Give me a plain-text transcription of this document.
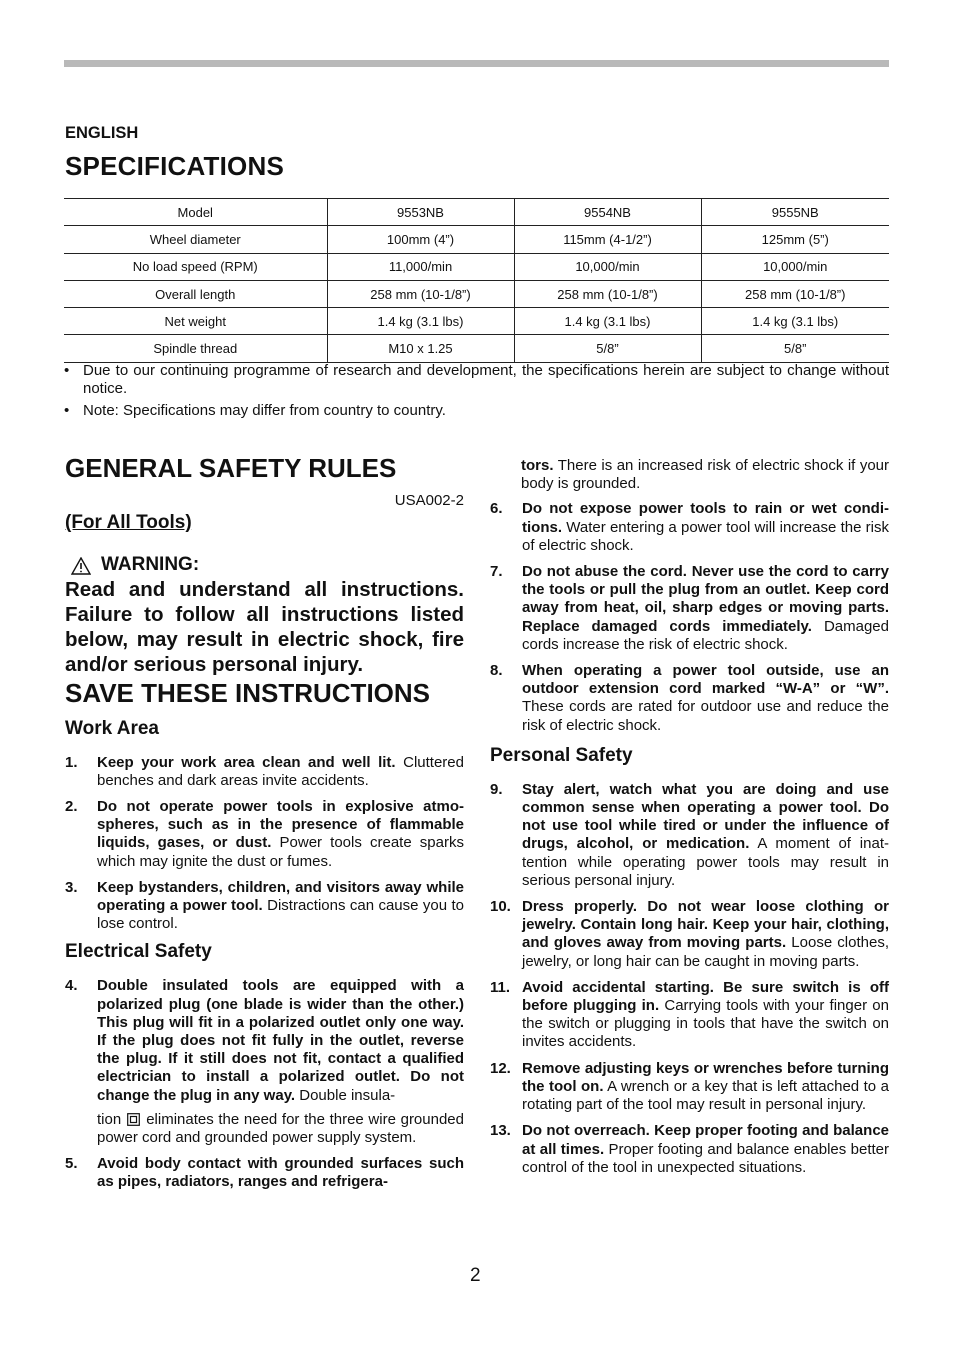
ENGLISH
SPECIFICATIONS
Model	9553NB	9554NB	9555NB
Wheel diameter	100mm (4”)	115mm (4-1/2”)	125mm (5”)
No load speed (RPM)	11,000/min	10,000/min	10,000/min
Overall length	258 mm (10-1/8”)	258 mm (10-1/8”)	258 mm (10-1/8”)
Net weight	1.4 kg (3.1 lbs)	1.4 kg (3.1 lbs)	1.4 kg (3.1 lbs)
Spindle thread	M10 x 1.25	5/8”	5/8”
• Due to our continuing programme of research and development, the specifications herein are subject to change without notice.
• Note: Specifications may differ from country to country.
GENERAL SAFETY RULES
USA002-2
(For All Tools)
WARNING:
Read and understand all instructions. Failure to follow all instructions listed below, may result in electric shock, fire and/or serious personal injury.
SAVE THESE INSTRUCTIONS
Work Area
1. Keep your work area clean and well lit. Cluttered benches and dark areas invite accidents.
2. Do not operate power tools in explosive atmospheres, such as in the presence of flammable liquids, gases, or dust. Power tools create sparks which may ignite the dust or fumes.
3. Keep bystanders, children, and visitors away while operating a power tool. Distractions can cause you to lose control.
Electrical Safety
4. Double insulated tools are equipped with a polarized plug (one blade is wider than the other.) This plug will fit in a polarized outlet only one way. If the plug does not fit fully in the outlet, reverse the plug. If it still does not fit, contact a qualified electrician to install a polarized outlet. Do not change the plug in any way. Double insula-

tion eliminates the need for the three wire grounded power cord and grounded power supply system.

5. Avoid body contact with grounded surfaces such as pipes, radiators, ranges and refrigera-
tors. There is an increased risk of electric shock if your body is grounded.
6. Do not expose power tools to rain or wet conditions. Water entering a power tool will increase the risk of electric shock.
7. Do not abuse the cord. Never use the cord to carry the tools or pull the plug from an outlet. Keep cord away from heat, oil, sharp edges or moving parts. Replace damaged cords immediately. Damaged cords increase the risk of electric shock.
8. When operating a power tool outside, use an outdoor extension cord marked “W-A” or “W”. These cords are rated for outdoor use and reduce the risk of electric shock.
Personal Safety
9. Stay alert, watch what you are doing and use common sense when operating a power tool. Do not use tool while tired or under the influence of drugs, alcohol, or medication. A moment of inattention while operating power tools may result in serious personal injury.
10. Dress properly. Do not wear loose clothing or jewelry. Contain long hair. Keep your hair, clothing, and gloves away from moving parts. Loose clothes, jewelry, or long hair can be caught in moving parts.
11. Avoid accidental starting. Be sure switch is off before plugging in. Carrying tools with your finger on the switch or plugging in tools that have the switch on invites accidents.
12. Remove adjusting keys or wrenches before turning the tool on. A wrench or a key that is left attached to a rotating part of the tool may result in personal injury.
13. Do not overreach. Keep proper footing and balance at all times. Proper footing and balance enables better control of the tool in unexpected situations.
2
